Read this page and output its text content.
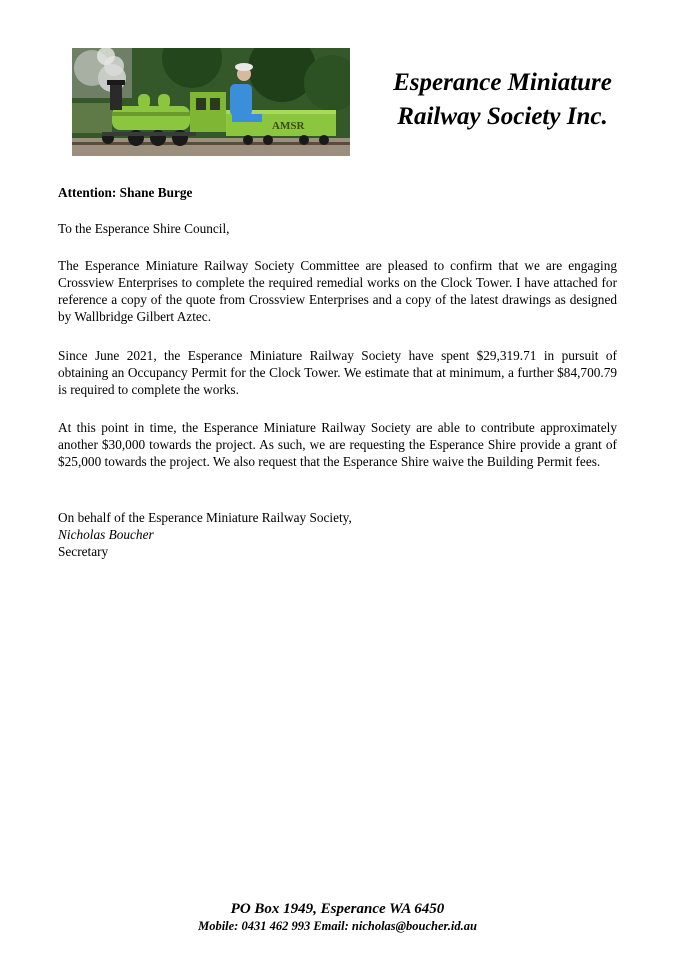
AMSR
Esperance Miniature
Railway Society Inc.
Attention: Shane Burge
To the Esperance Shire Council,
The Esperance Miniature Railway Society Committee are pleased to confirm that we are engaging Crossview Enterprises to complete the required remedial works on the Clock Tower. I have attached for reference a copy of the quote from Crossview Enterprises and a copy of the latest drawings as designed by Wallbridge Gilbert Aztec.
Since June 2021, the Esperance Miniature Railway Society have spent $29,319.71 in pursuit of obtaining an Occupancy Permit for the Clock Tower. We estimate that at minimum, a further $84,700.79 is required to complete the works.
At this point in time, the Esperance Miniature Railway Society are able to contribute approximately another $30,000 towards the project. As such, we are requesting the Esperance Shire provide a grant of $25,000 towards the project. We also request that the Esperance Shire waive the Building Permit fees.
On behalf of the Esperance Miniature Railway Society,
Nicholas Boucher
Secretary
PO Box 1949, Esperance WA 6450
Mobile: 0431 462 993 Email: nicholas@boucher.id.au
